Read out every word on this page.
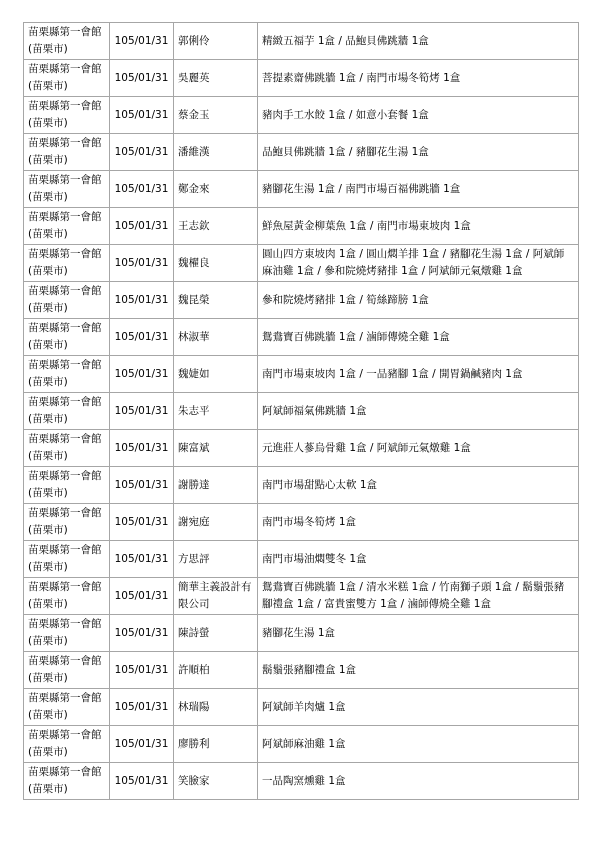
苗栗縣第一會館(苗栗市)	105/01/31	郭俐伶	精緻五福芋 1盒 / 品鮑貝佛跳牆 1盒
苗栗縣第一會館(苗栗市)	105/01/31	吳麗英	菩提素齋佛跳牆 1盒 / 南門市場冬筍烤 1盒
苗栗縣第一會館(苗栗市)	105/01/31	蔡金玉	豬肉手工水餃 1盒 / 如意小套餐 1盒
苗栗縣第一會館(苗栗市)	105/01/31	潘維漢	品鮑貝佛跳牆 1盒 / 豬腳花生湯 1盒
苗栗縣第一會館(苗栗市)	105/01/31	鄭金來	豬腳花生湯 1盒 / 南門市場百福佛跳牆 1盒
苗栗縣第一會館(苗栗市)	105/01/31	王志欽	鮮魚屋黃金柳葉魚 1盒 / 南門市場東坡肉 1盒
苗栗縣第一會館(苗栗市)	105/01/31	魏櫂良	圓山四方東坡肉 1盒 / 圓山燜羊排 1盒 / 豬腳花生湯 1盒 / 阿斌師麻油雞 1盒 / 參和院燒烤豬排 1盒 / 阿斌師元氣燉雞 1盒
苗栗縣第一會館(苗栗市)	105/01/31	魏昆榮	參和院燒烤豬排 1盒 / 筍絲蹄膀 1盒
苗栗縣第一會館(苗栗市)	105/01/31	林淑華	鴛鴦寶百佛跳牆 1盒 / 滷師傳燒全雞 1盒
苗栗縣第一會館(苗栗市)	105/01/31	魏婕如	南門市場東坡肉 1盒 / 一品豬腳 1盒 / 開胃鍋鹹豬肉 1盒
苗栗縣第一會館(苗栗市)	105/01/31	朱志平	阿斌師福氣佛跳牆 1盒
苗栗縣第一會館(苗栗市)	105/01/31	陳富斌	元進莊人蔘烏骨雞 1盒 / 阿斌師元氣燉雞 1盒
苗栗縣第一會館(苗栗市)	105/01/31	謝勝達	南門市場甜點心太軟 1盒
苗栗縣第一會館(苗栗市)	105/01/31	謝宛庭	南門市場冬筍烤 1盒
苗栗縣第一會館(苗栗市)	105/01/31	方思評	南門市場油燜雙冬 1盒
苗栗縣第一會館(苗栗市)	105/01/31	簡華主義設計有限公司	鴛鴦寶百佛跳牆 1盒 / 清水米糕 1盒 / 竹南獅子頭 1盒 / 鬍鬚張豬腳禮盒 1盒 / 富貴蜜雙方 1盒 / 滷師傳燒全雞 1盒
苗栗縣第一會館(苗栗市)	105/01/31	陳詩螢	豬腳花生湯 1盒
苗栗縣第一會館(苗栗市)	105/01/31	許順柏	鬍鬚張豬腳禮盒 1盒
苗栗縣第一會館(苗栗市)	105/01/31	林瑞陽	阿斌師羊肉爐 1盒
苗栗縣第一會館(苗栗市)	105/01/31	廖勝利	阿斌師麻油雞 1盒
苗栗縣第一會館(苗栗市)	105/01/31	笑臉家	一品陶窯燻雞 1盒
